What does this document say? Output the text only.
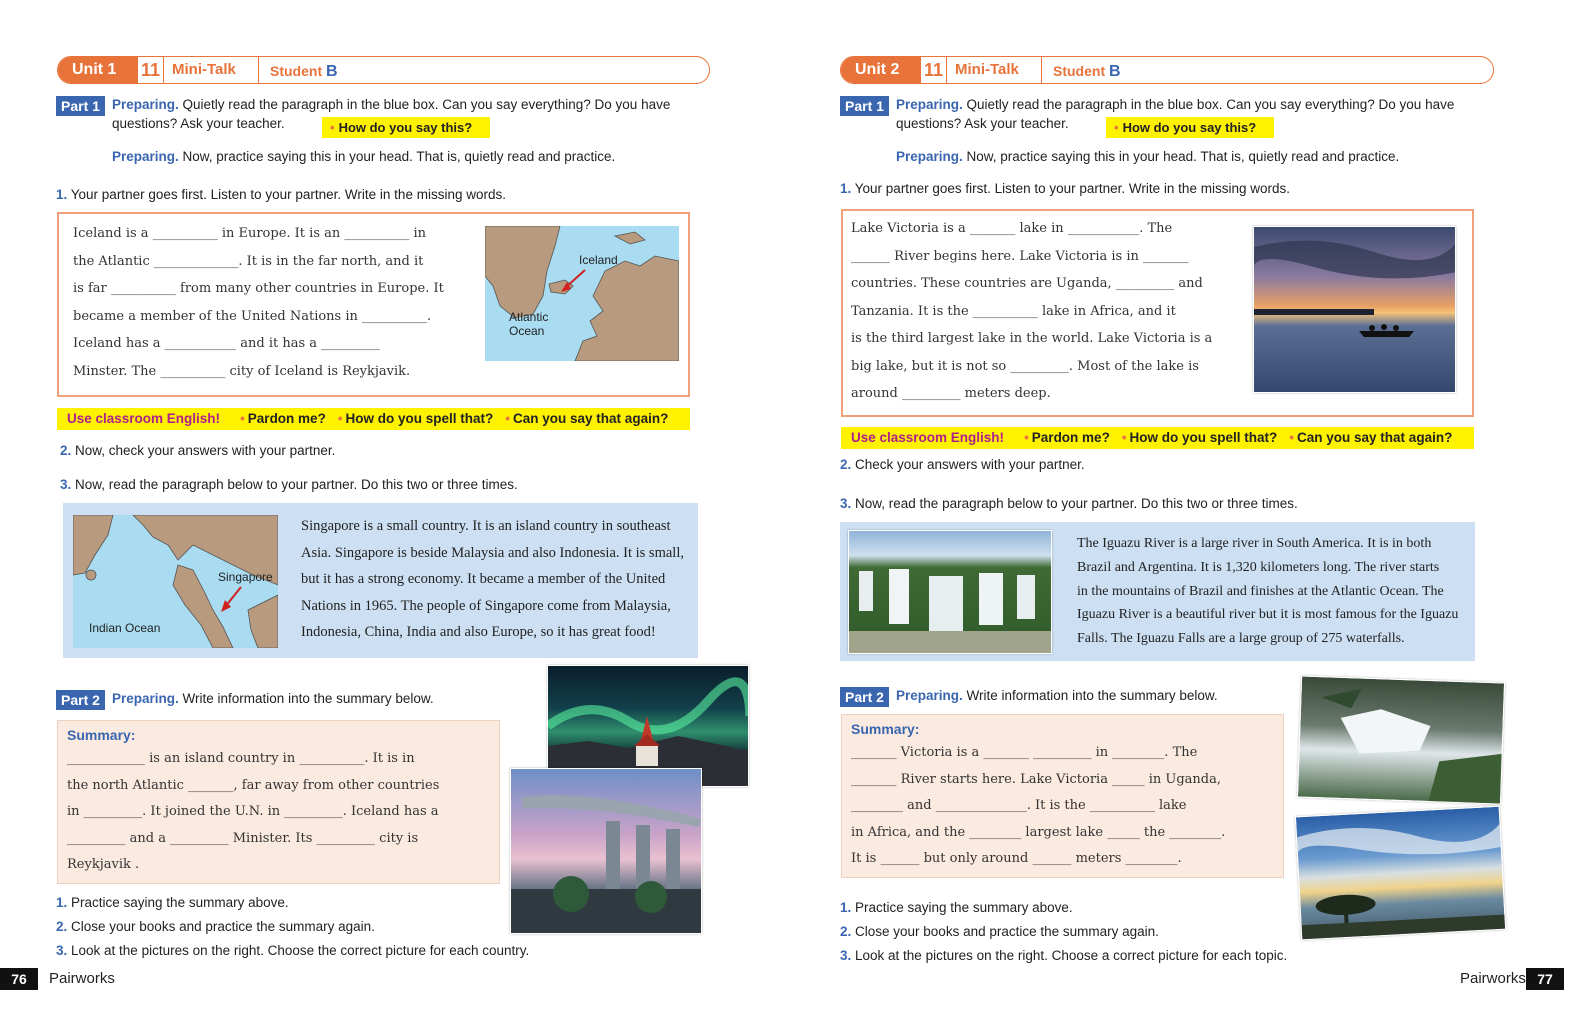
Unit 1	11 Mini-Talk Student B
Part 1 Preparing. Quietly read the paragraph in the blue box. Can you say everything? Do you have
questions? Ask your teacher.	• How do you say this?
Preparing. Now, practice saying this in your head. That is, quietly read and practice.
1. Your partner goes first. Listen to your partner. Write in the missing words.
Iceland is a __________ in Europe. It is an __________ in
the Atlantic _____________. It is in the far north, and it
is far __________ from many other countries in Europe. It
became a member of the United Nations in __________.
Iceland has a ___________ and it has a _________
Minster. The __________ city of Iceland is Reykjavik.
Iceland
Atlantic
Ocean
Use classroom English! • Pardon me? • How do you spell that? • Can you say that again?
2. Now, check your answers with your partner.
3. Now, read the paragraph below to your partner. Do this two or three times.
Singapore
Indian Ocean
Singapore is a small country. It is an island country in southeast
Asia. Singapore is beside Malaysia and also Indonesia. It is small,
but it has a strong economy. It became a member of the United
Nations in 1965. The people of Singapore come from Malaysia,
Indonesia, China, India and also Europe, so it has great food!
Part 2 Preparing. Write information into the summary below.
Summary:
____________ is an island country in __________. It is in
the north Atlantic _______, far away from other countries
in _________. It joined the U.N. in _________. Iceland has a
_________ and a _________ Minister. Its _________ city is
Reykjavik .
1. Practice saying the summary above.
2. Close your books and practice the summary again.
3. Look at the pictures on the right. Choose the correct picture for each country.
76	Pairworks
Unit 2	11 Mini-Talk Student B
Part 1 Preparing. Quietly read the paragraph in the blue box. Can you say everything? Do you have
questions? Ask your teacher.	• How do you say this?
Preparing. Now, practice saying this in your head. That is, quietly read and practice.
1. Your partner goes first. Listen to your partner. Write in the missing words.
Lake Victoria is a _______ lake in ___________. The
______ River begins here. Lake Victoria is in _______
countries. These countries are Uganda, _________ and
Tanzania. It is the __________ lake in Africa, and it
is the third largest lake in the world. Lake Victoria is a
big lake, but it is not so _________. Most of the lake is
around _________ meters deep.
Use classroom English! • Pardon me? • How do you spell that? • Can you say that again?
2. Check your answers with your partner.
3. Now, read the paragraph below to your partner. Do this two or three times.
The Iguazu River is a large river in South America. It is in both
Brazil and Argentina. It is 1,320 kilometers long. The river starts
in the mountains of Brazil and finishes at the Atlantic Ocean. The
Iguazu River is a beautiful river but it is most famous for the Iguazu
Falls. The Iguazu Falls are a large group of 275 waterfalls.
Part 2 Preparing. Write information into the summary below.
Summary:
_______ Victoria is a _______ _________ in ________. The
_______ River starts here. Lake Victoria _____ in Uganda,
________ and ______________. It is the __________ lake
in Africa, and the ________ largest lake _____ the ________.
It is ______ but only around ______ meters ________.
1. Practice saying the summary above.
2. Close your books and practice the summary again.
3. Look at the pictures on the right. Choose a correct picture for each topic.
Pairworks 77
